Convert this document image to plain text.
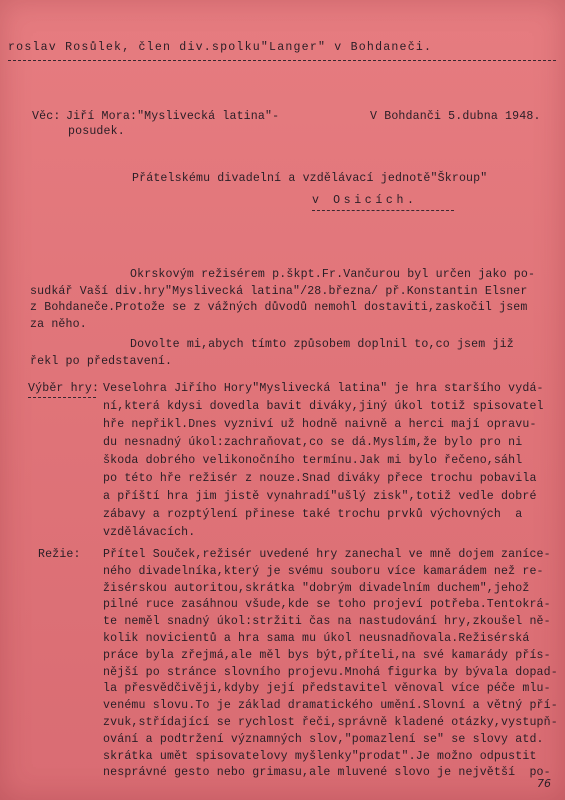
roslav Rosůlek, člen div.spolku"Langer" v Bohdaneči.
Věc: Jiří Mora:"Myslivecká latina"-
posudek.
V Bohdanči 5.dubna 1948.
Přátelskému divadelní a vzdělávací jednotě"Škroup"
v Osicích.
Okrskovým režisérem p.škpt.Fr.Vančurou byl určen jako po-
sudkář Vaší div.hry"Myslivecká latina"/28.března/ př.Konstantin Elsner
z Bohdaneče.Protože se z vážných důvodů nemohl dostaviti,zaskočil jsem
za něho.
Dovolte mi,abych tímto způsobem doplnil to,co jsem již
řekl po představení.
Výběr hry: Veselohra Jiřího Hory"Myslivecká latina" je hra staršího vydá-
ní,která kdysi dovedla bavit diváky,jiný úkol totiž spisovatel
hře nepřikl.Dnes vyzniví už hodně naivně a herci mají opravu-
du nesnadný úkol:zachraňovat,co se dá.Myslím,že bylo pro ni
škoda dobrého velikonočního termínu.Jak mi bylo řečeno,sáhl
po této hře režisér z nouze.Snad diváky přece trochu pobavila
a příští hra jim jistě vynahradí"ušlý zisk",totiž vedle dobré
zábavy a rozptýlení přinese také trochu prvků výchovných  a
vzdělávacích.
Režie: Přítel Souček,režisér uvedené hry zanechal ve mně dojem zaníce-
ného divadelníka,který je svému souboru více kamarádem než re-
žisérskou autoritou,skrátka "dobrým divadelním duchem",jehož
pilné ruce zasáhnou všude,kde se toho projeví potřeba.Tentokrá-
te neměl snadný úkol:stržiti čas na nastudování hry,zkoušel ně-
kolik novicientů a hra sama mu úkol neusnadňovala.Režisérská
práce byla zřejmá,ale měl bys být,příteli,na své kamarády přís-
nější po stránce slovního projevu.Mnohá figurka by bývala dopad-
la přesvědčivěji,kdyby její představitel věnoval více péče mlu-
venému slovu.To je základ dramatického umění.Slovní a větný pří-
zvuk,střídající se rychlost řeči,správně kladené otázky,vystupň-
ování a podtržení významných slov,"pomazlení se" se slovy atd.
skrátka umět spisovatelovy myšlenky"prodat".Je možno odpustit
nesprávné gesto nebo grimasu,ale mluvené slovo je největší  po-
76
